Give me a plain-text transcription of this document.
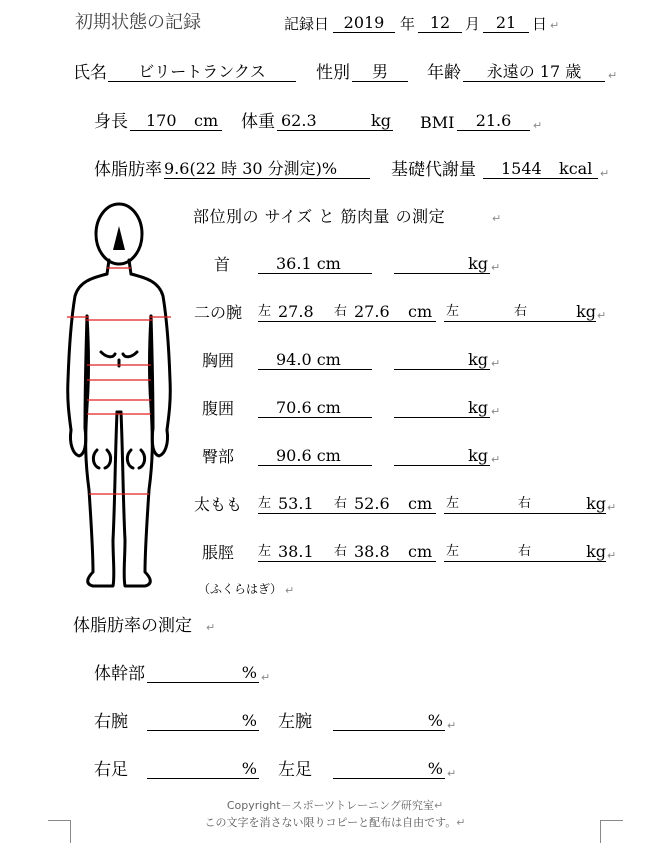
初期状態の記録	記録日 2019	年 12 月 21	日 ↵
氏名	ビリートランクス	性別	男	年齢	永遠の 17 歳	↵
身長 170 cm 体重 62.3	kg BMI	21.6	↵
体脂肪率 9.6(22 時 30 分測定)%	基礎代謝量 1544 kcal ↵
部位別の サイズ と 筋肉量 の測定	↵
首	36.1 cm	kg ↵
二の腕 左 27.8 右 27.6 cm 左	右	kg ↵
胸囲	94.0 cm	kg ↵
腹囲	70.6 cm	kg ↵
臀部	90.6 cm	kg ↵
太もも 左 53.1 右 52.6 cm 左	右	kg ↵
脹脛 左 38.1 右 38.8 cm 左	右	kg ↵
（ふくらはぎ） ↵
体脂肪率の測定 ↵
体幹部	% ↵
右腕	% 左腕	% ↵
右足	% 左足	% ↵
Copyright－スポーツトレーニング研究室↵
この文字を消さない限りコピーと配布は自由です。↵
